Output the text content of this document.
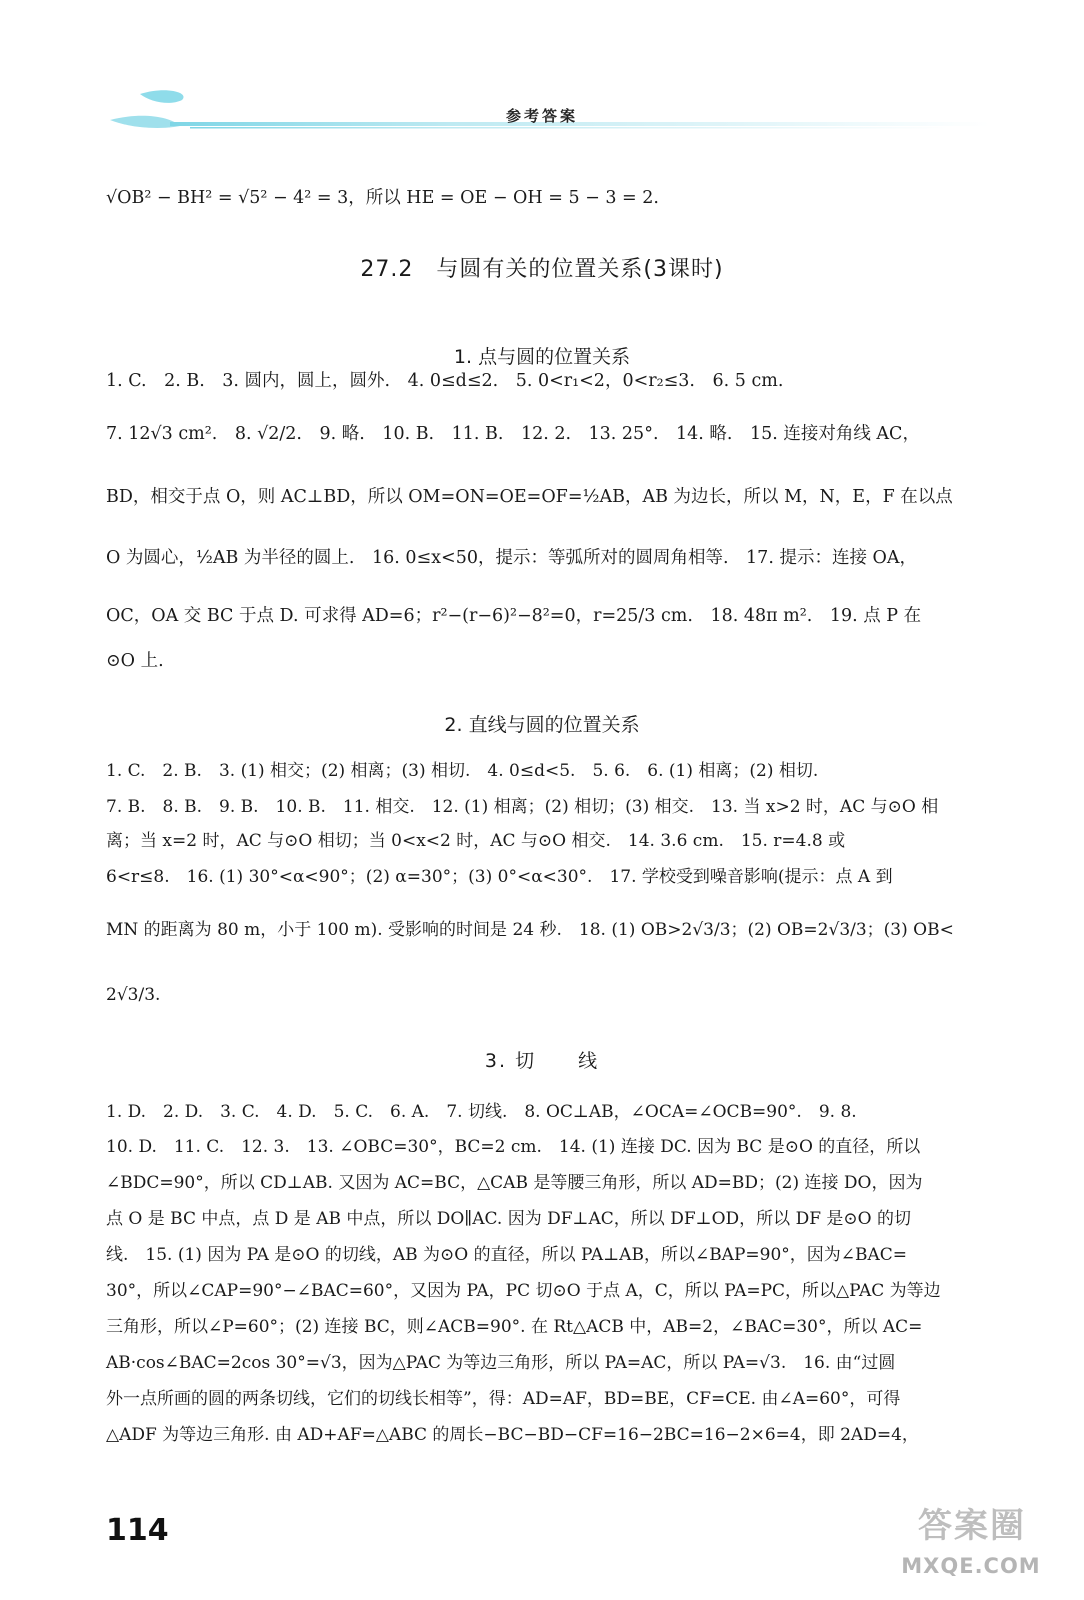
参考答案

√OB² − BH² = √5² − 4² = 3，所以 HE = OE − OH = 5 − 3 = 2.

27.2　与圆有关的位置关系(3课时)
1. 点与圆的位置关系

1. C.　2. B.　3. 圆内，圆上，圆外.　4. 0≤d≤2.　5. 0<r₁<2，0<r₂≤3.　6. 5 cm.

7. 12√3 cm².　8. √2/2.　9. 略.　10. B.　11. B.　12. 2.　13. 25°.　14. 略.　15. 连接对角线 AC，

BD，相交于点 O，则 AC⊥BD，所以 OM=ON=OE=OF=½AB，AB 为边长，所以 M，N，E，F 在以点

O 为圆心，½AB 为半径的圆上.　16. 0≤x<50，提示：等弧所对的圆周角相等.　17. 提示：连接 OA，

OC，OA 交 BC 于点 D. 可求得 AD=6；r²−(r−6)²−8²=0，r=25/3 cm.　18. 48π m².　19. 点 P 在

⊙O 上.

2. 直线与圆的位置关系

1. C.　2. B.　3. (1) 相交；(2) 相离；(3) 相切.　4. 0≤d<5.　5. 6.　6. (1) 相离；(2) 相切.

7. B.　8. B.　9. B.　10. B.　11. 相交.　12. (1) 相离；(2) 相切；(3) 相交.　13. 当 x>2 时，AC 与⊙O 相

离；当 x=2 时，AC 与⊙O 相切；当 0<x<2 时，AC 与⊙O 相交.　14. 3.6 cm.　15. r=4.8 或

6<r≤8.　16. (1) 30°<α<90°；(2) α=30°；(3) 0°<α<30°.　17. 学校受到噪音影响(提示：点 A 到

MN 的距离为 80 m，小于 100 m). 受影响的时间是 24 秒.　18. (1) OB>2√3/3；(2) OB=2√3/3；(3) OB<

2√3/3.

3. 切　　线

1. D.　2. D.　3. C.　4. D.　5. C.　6. A.　7. 切线.　8. OC⊥AB，∠OCA=∠OCB=90°.　9. 8.

10. D.　11. C.　12. 3.　13. ∠OBC=30°，BC=2 cm.　14. (1) 连接 DC. 因为 BC 是⊙O 的直径，所以

∠BDC=90°，所以 CD⊥AB. 又因为 AC=BC，△CAB 是等腰三角形，所以 AD=BD；(2) 连接 DO，因为

点 O 是 BC 中点，点 D 是 AB 中点，所以 DO∥AC. 因为 DF⊥AC，所以 DF⊥OD，所以 DF 是⊙O 的切

线.　15. (1) 因为 PA 是⊙O 的切线，AB 为⊙O 的直径，所以 PA⊥AB，所以∠BAP=90°，因为∠BAC=

30°，所以∠CAP=90°−∠BAC=60°，又因为 PA，PC 切⊙O 于点 A，C，所以 PA=PC，所以△PAC 为等边

三角形，所以∠P=60°；(2) 连接 BC，则∠ACB=90°. 在 Rt△ACB 中，AB=2，∠BAC=30°，所以 AC=

AB·cos∠BAC=2cos 30°=√3，因为△PAC 为等边三角形，所以 PA=AC，所以 PA=√3.　16. 由“过圆

外一点所画的圆的两条切线，它们的切线长相等”，得：AD=AF，BD=BE，CF=CE. 由∠A=60°，可得

△ADF 为等边三角形. 由 AD+AF=△ABC 的周长−BC−BD−CF=16−2BC=16−2×6=4，即 2AD=4，

114	答案圈
MXQE.COM
